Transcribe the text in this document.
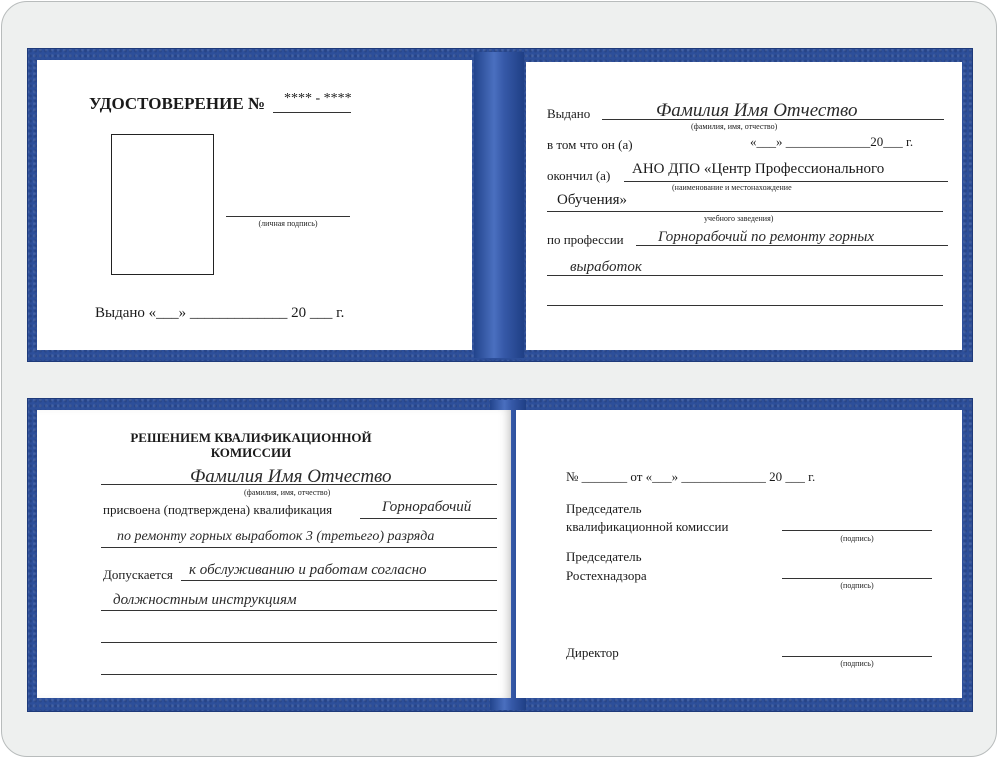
УДОСТОВЕРЕНИЕ № **** - ****
(личная подпись)
Выдано «___» _____________ 20 ___ г.
Выдано	Фамилия Имя Отчество
(фамилия, имя, отчество)
в том что он (а)	«___» _____________20___ г.
окончил (а) АНО ДПО «Центр Профессионального
(наименование и местонахождение
Обучения»
учебного заведения)
по профессии Горнорабочий по ремонту горных
выработок
РЕШЕНИЕМ КВАЛИФИКАЦИОННОЙ
КОМИССИИ
Фамилия Имя Отчество
(фамилия, имя, отчество)
присвоена (подтверждена) квалификация	Горнорабочий
по ремонту горных выработок 3 (третьего) разряда
Допускается к обслуживанию и работам согласно
должностным инструкциям
№ _______ от «___» _____________ 20 ___ г.
Председатель
квалификационной комиссии
(подпись)
Председатель
Ростехнадзора
(подпись)
Директор
(подпись)
